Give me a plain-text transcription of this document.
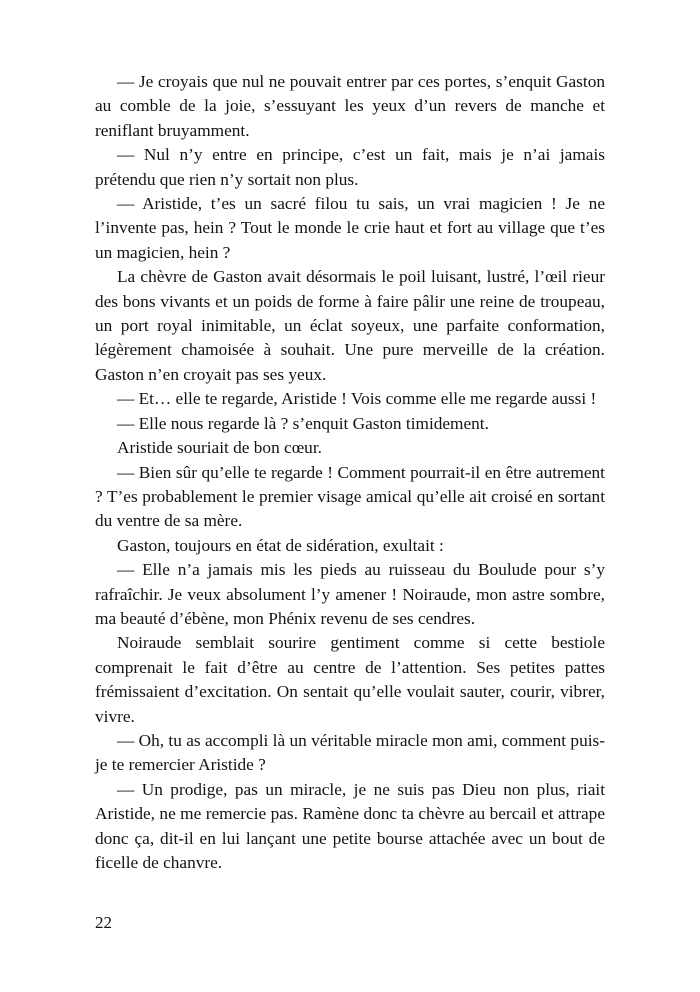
— Je croyais que nul ne pouvait entrer par ces portes, s’enquit Gaston au comble de la joie, s’essuyant les yeux d’un revers de manche et reniflant bruyamment.

— Nul n’y entre en principe, c’est un fait, mais je n’ai jamais prétendu que rien n’y sortait non plus.

— Aristide, t’es un sacré filou tu sais, un vrai magicien ! Je ne l’invente pas, hein ? Tout le monde le crie haut et fort au village que t’es un magicien, hein ?

La chèvre de Gaston avait désormais le poil luisant, lustré, l’œil rieur des bons vivants et un poids de forme à faire pâlir une reine de troupeau, un port royal inimitable, un éclat soyeux, une parfaite conformation, légèrement chamoisée à souhait. Une pure merveille de la création. Gaston n’en croyait pas ses yeux.

— Et… elle te regarde, Aristide ! Vois comme elle me regarde aussi !

— Elle nous regarde là ? s’enquit Gaston timidement.

Aristide souriait de bon cœur.

— Bien sûr qu’elle te regarde ! Comment pourrait-il en être autrement ? T’es probablement le premier visage amical qu’elle ait croisé en sortant du ventre de sa mère.

Gaston, toujours en état de sidération, exultait :

— Elle n’a jamais mis les pieds au ruisseau du Boulude pour s’y rafraîchir. Je veux absolument l’y amener ! Noiraude, mon astre sombre, ma beauté d’ébène, mon Phénix revenu de ses cendres.

Noiraude semblait sourire gentiment comme si cette bestiole comprenait le fait d’être au centre de l’attention. Ses petites pattes frémissaient d’excitation. On sentait qu’elle voulait sauter, courir, vibrer, vivre.

— Oh, tu as accompli là un véritable miracle mon ami, comment puis-je te remercier Aristide ?

— Un prodige, pas un miracle, je ne suis pas Dieu non plus, riait Aristide, ne me remercie pas. Ramène donc ta chèvre au bercail et attrape donc ça, dit-il en lui lançant une petite bourse attachée avec un bout de ficelle de chanvre.

22
